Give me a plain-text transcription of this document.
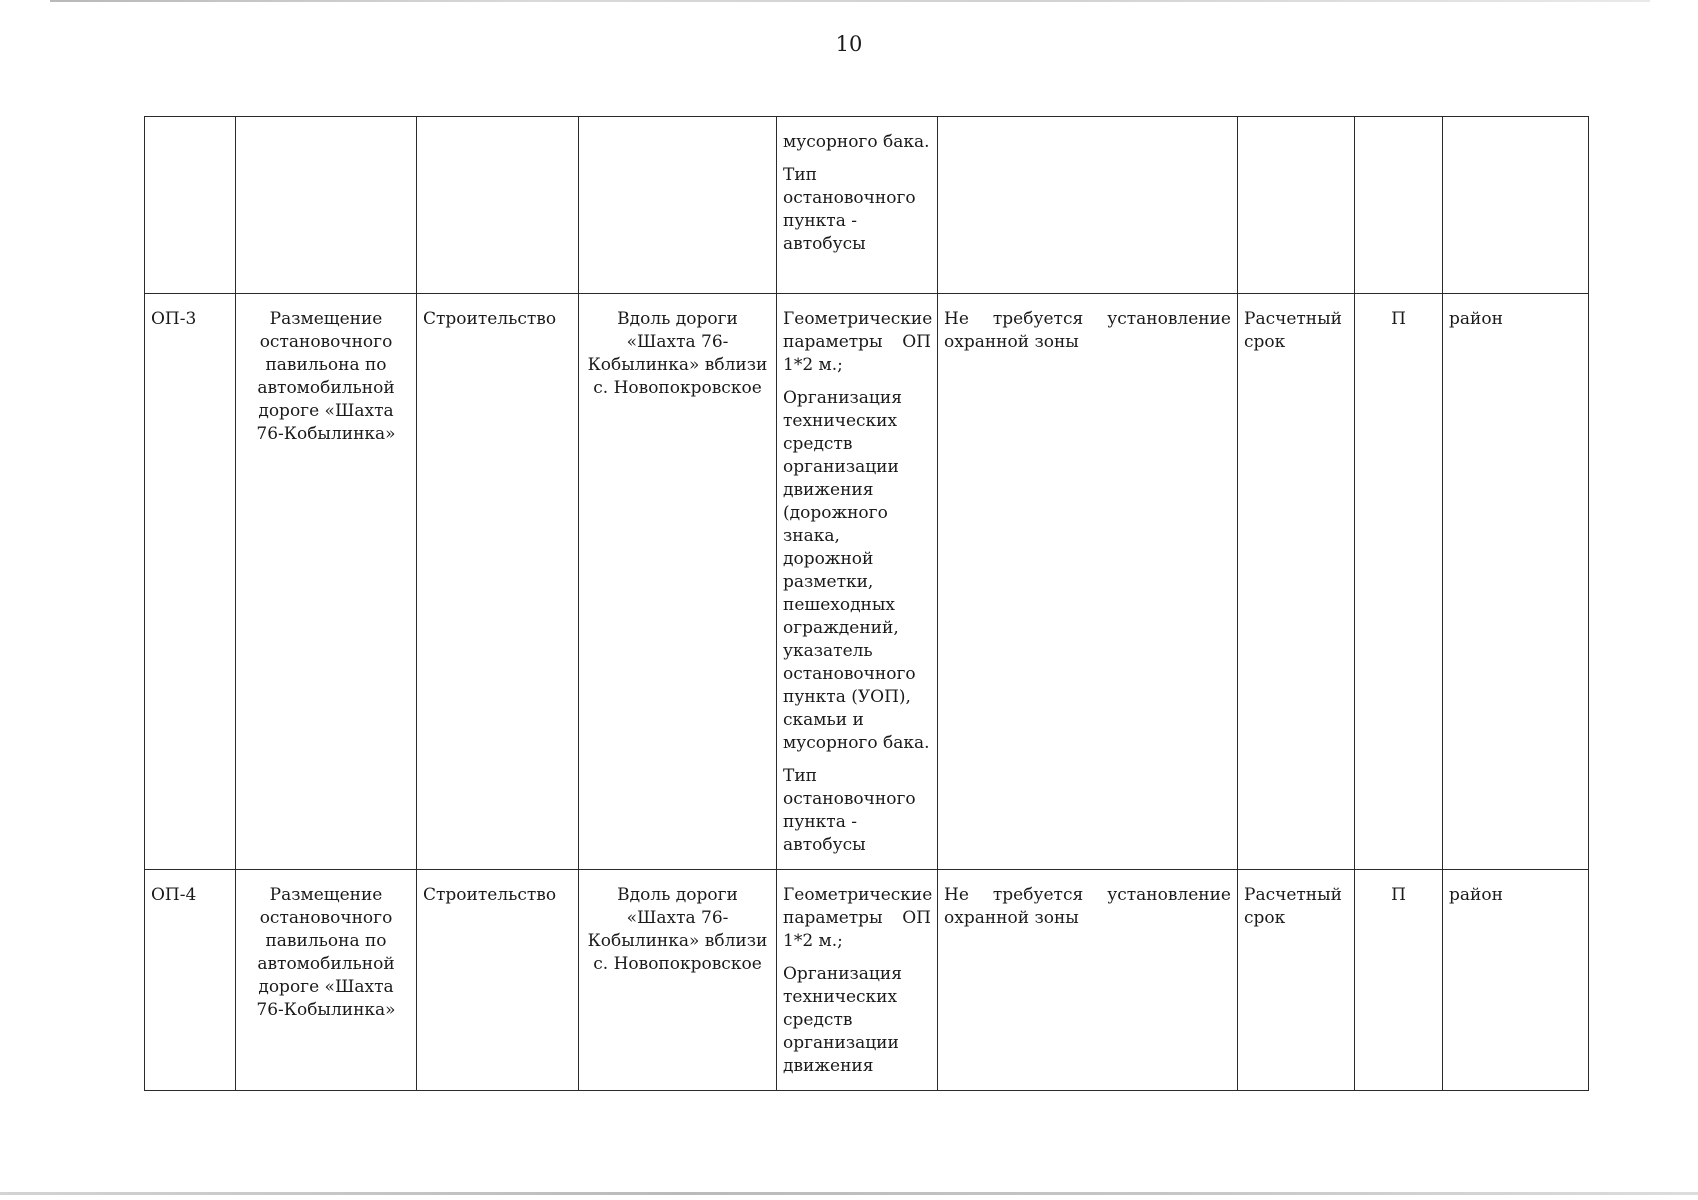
10

				мусорного бака.

Тип остановочного пункта - автобусы				

ОП-3	Размещение остановочного павильона по автомобильной дороге «Шахта 76-Кобылинка»	Строительство	Вдоль дороги «Шахта 76-Кобылинка» вблизи с. Новопокровское	Геометрические параметры ОП 1*2 м.;

Организация технических средств организации движения (дорожного знака, дорожной разметки, пешеходных ограждений, указатель остановочного пункта (УОП), скамьи и мусорного бака.

Тип остановочного пункта - автобусы	Не требуется установление охранной зоны	Расчетный срок	П	район
ОП-4	Размещение остановочного павильона по автомобильной дороге «Шахта 76-Кобылинка»	Строительство	Вдоль дороги «Шахта 76-Кобылинка» вблизи с. Новопокровское	Геометрические параметры ОП 1*2 м.;

Организация технических средств организации движения	Не требуется установление охранной зоны	Расчетный срок	П	район
